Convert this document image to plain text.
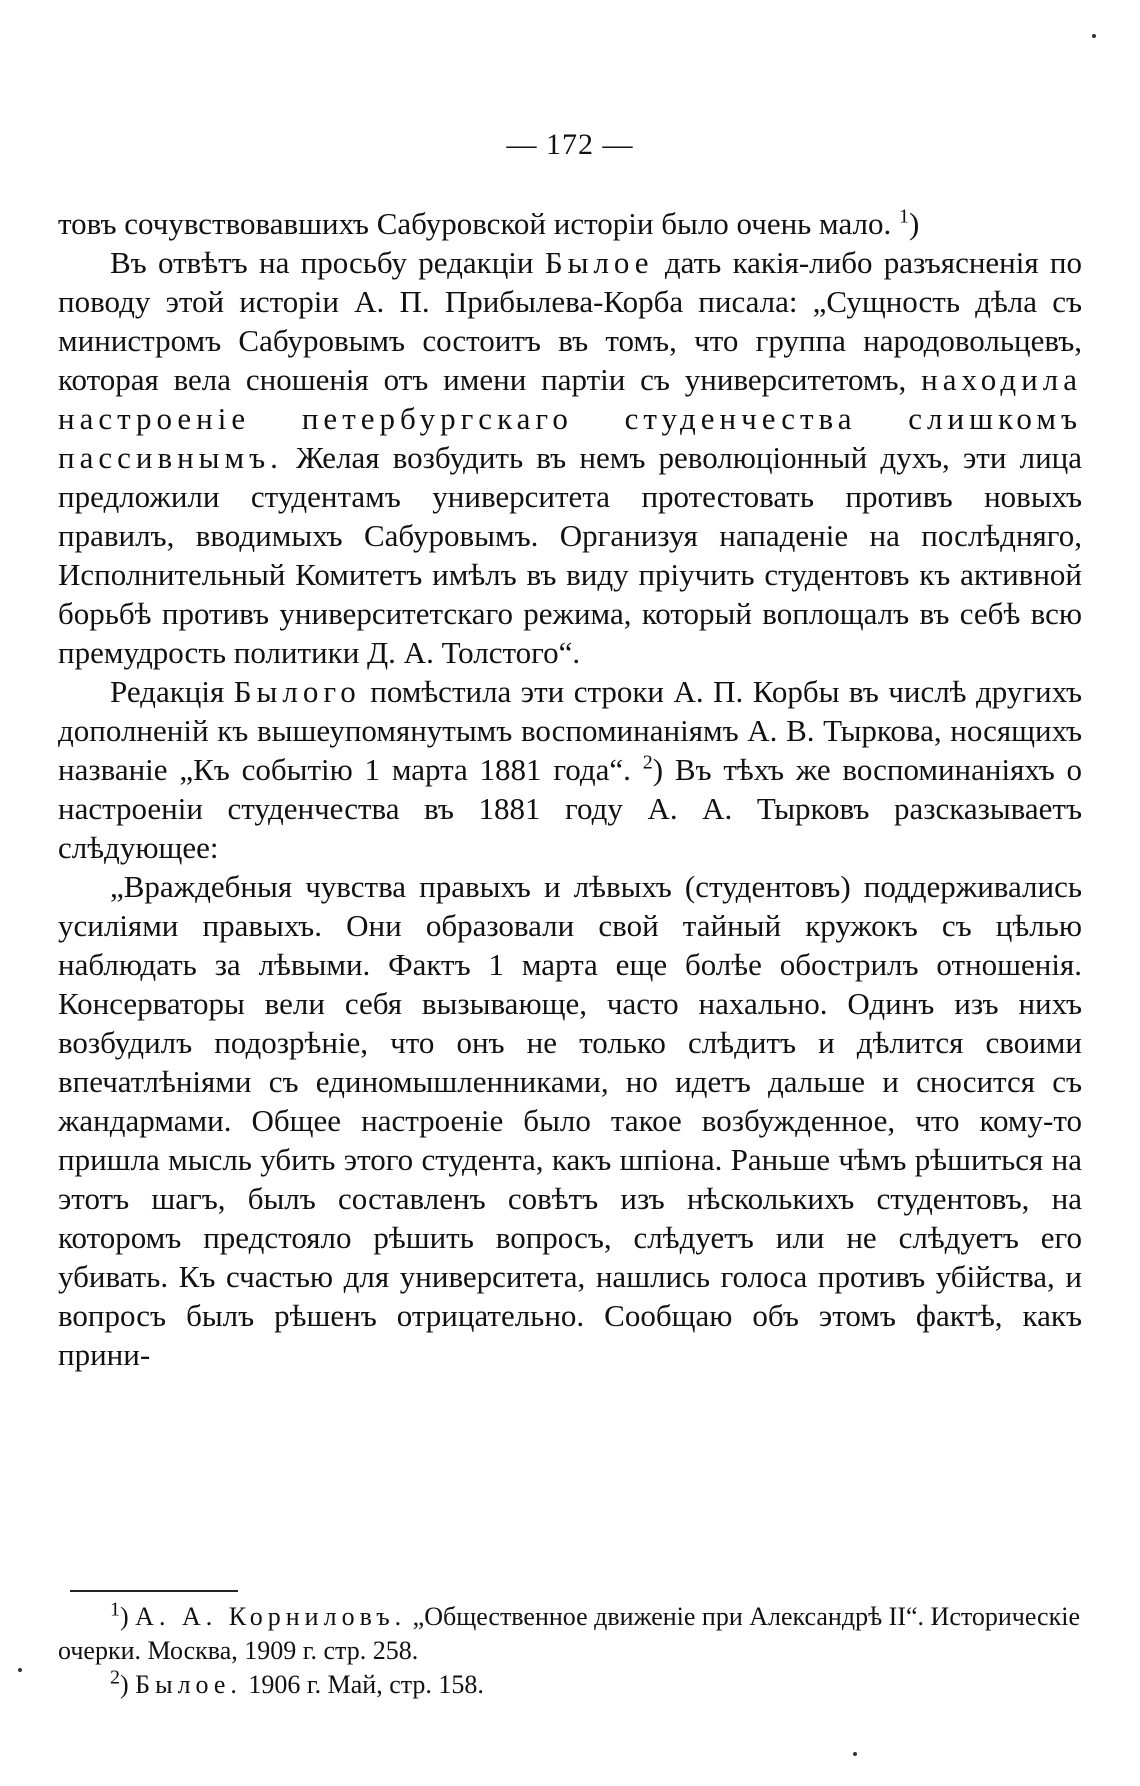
— 172 —

товъ сочувствовавшихъ Сабуровской исторіи было очень мало. $^1$)

Въ отвѣтъ на просьбу редакціи Былое дать какія-либо разъясненія по поводу этой исторіи А. П. Прибылева-Корба писала: „Сущность дѣла съ министромъ Сабуровымъ состоитъ въ томъ, что группа народовольцевъ, которая вела сношенія отъ имени партіи съ университетомъ, находила настроеніе петербургскаго студенчества слишкомъ пассивнымъ. Желая возбудить въ немъ революціонный духъ, эти лица предложили студентамъ университета протестовать противъ новыхъ правилъ, вводимыхъ Сабуровымъ. Организуя нападеніе на послѣдняго, Исполнительный Комитетъ имѣлъ въ виду пріучить студентовъ къ активной борьбѣ противъ университетскаго режима, который воплощалъ въ себѣ всю премудрость политики Д. А. Толстого“.

Редакція Былого помѣстила эти строки А. П. Корбы въ числѣ другихъ дополненій къ вышеупомянутымъ воспоминаніямъ А. В. Тыркова, носящихъ названіе „Къ событію 1 марта 1881 года“. $^2$) Въ тѣхъ же воспоминаніяхъ о настроеніи студенчества въ 1881 году А. А. Тырковъ разсказываетъ слѣдующее:

„Враждебныя чувства правыхъ и лѣвыхъ (студентовъ) поддерживались усиліями правыхъ. Они образовали свой тайный кружокъ съ цѣлью наблюдать за лѣвыми. Фактъ 1 марта еще болѣе обострилъ отношенія. Консерваторы вели себя вызывающе, часто нахально. Одинъ изъ нихъ возбудилъ подозрѣніе, что онъ не только слѣдитъ и дѣлится своими впечатлѣніями съ единомышленниками, но идетъ дальше и сносится съ жандармами. Общее настроеніе было такое возбужденное, что кому-то пришла мысль убить этого студента, какъ шпіона. Раньше чѣмъ рѣшиться на этотъ шагъ, былъ составленъ совѣтъ изъ нѣсколькихъ студентовъ, на которомъ предстояло рѣшить вопросъ, слѣдуетъ или не слѣдуетъ его убивать. Къ счастью для университета, нашлись голоса противъ убійства, и вопросъ былъ рѣшенъ отрицательно. Сообщаю объ этомъ фактѣ, какъ прини-

$^1$) А. А. Корниловъ. „Общественное движеніе при Александрѣ II“. Историческіе очерки. Москва, 1909 г. стр. 258.

$^2$) Былое. 1906 г. Май, стр. 158.
